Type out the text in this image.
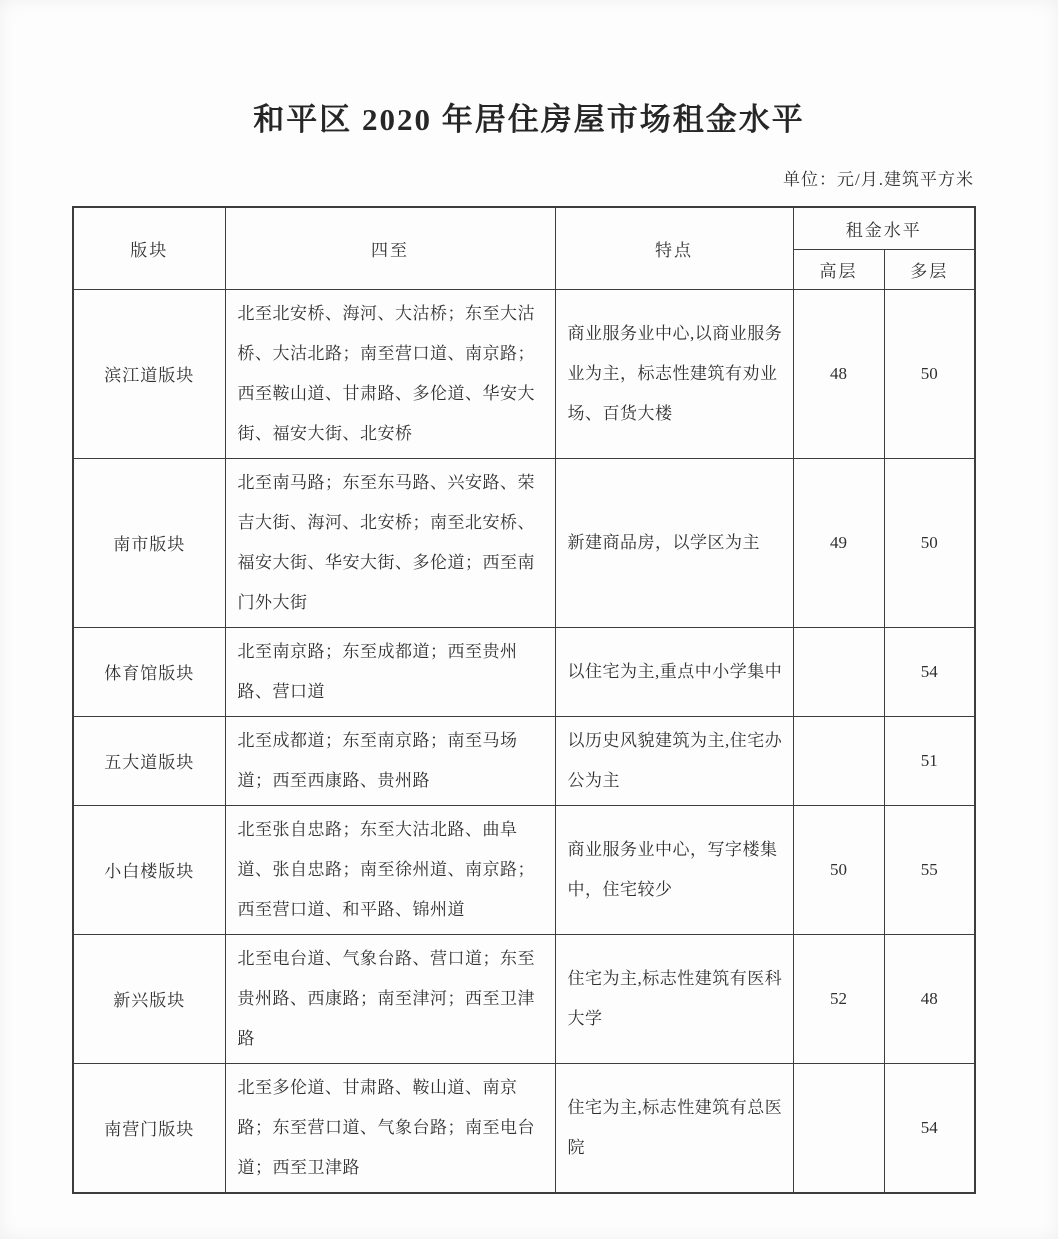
和平区 2020 年居住房屋市场租金水平
单位：元/月.建筑平方米
版块	四至	特点	租金水平	
			高层	多层
滨江道版块	北至北安桥、海河、大沽桥；东至大沽桥、大沽北路；南至营口道、南京路；西至鞍山道、甘肃路、多伦道、华安大街、福安大街、北安桥	商业服务业中心,以商业服务业为主，标志性建筑有劝业场、百货大楼	48	50
南市版块	北至南马路；东至东马路、兴安路、荣吉大街、海河、北安桥；南至北安桥、福安大街、华安大街、多伦道；西至南门外大街	新建商品房，以学区为主	49	50
体育馆版块	北至南京路；东至成都道；西至贵州路、营口道	以住宅为主,重点中小学集中		54
五大道版块	北至成都道；东至南京路；南至马场道；西至西康路、贵州路	以历史风貌建筑为主,住宅办公为主		51
小白楼版块	北至张自忠路；东至大沽北路、曲阜道、张自忠路；南至徐州道、南京路；西至营口道、和平路、锦州道	商业服务业中心，写字楼集中，住宅较少	50	55
新兴版块	北至电台道、气象台路、营口道；东至贵州路、西康路；南至津河；西至卫津路	住宅为主,标志性建筑有医科大学	52	48
南营门版块	北至多伦道、甘肃路、鞍山道、南京路；东至营口道、气象台路；南至电台道；西至卫津路	住宅为主,标志性建筑有总医院		54
